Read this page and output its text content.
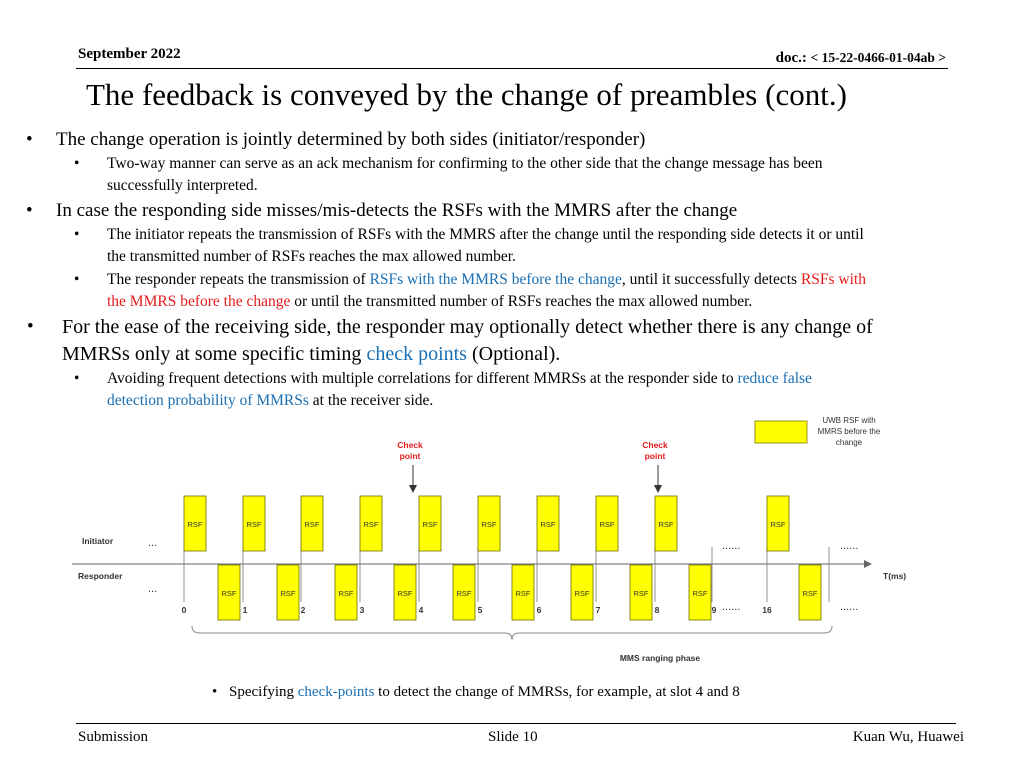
September 2022	doc.: < 15-22-0466-01-04ab >
The feedback is conveyed by the change of preambles (cont.)
• The change operation is jointly determined by both sides (initiator/responder)
• Two-way manner can serve as an ack mechanism for confirming to the other side that the change message has been
successfully interpreted.
• In case the responding side misses/mis-detects the RSFs with the MMRS after the change
• The initiator repeats the transmission of RSFs with the MMRS after the change until the responding side detects it or until
the transmitted number of RSFs reaches the max allowed number.
• The responder repeats the transmission of RSFs with the MMRS before the change, until it successfully detects RSFs with
the MMRS before the change or until the transmitted number of RSFs reaches the max allowed number.
• For the ease of the receiving side, the responder may optionally detect whether there is any change of
MMRSs only at some specific timing check points (Optional).
• Avoiding frequent detections with multiple correlations for different MMRSs at the responder side to reduce false
detection probability of MMRSs at the receiver side.
UWB RSF with
MMRS before the
change
Check
point
Check
point
Initiator
Responder
...
...
T(ms)
RSF	RSF	RSF	RSF	RSF	RSF	RSF	RSF	RSF	RSF
RSF	RSF	RSF	RSF	RSF	RSF	RSF	RSF	RSF	RSF
......	......
......	......
0	1	2	3	4	5	6	7	8	9	16
MMS ranging phase
• Specifying check-points to detect the change of MMRSs, for example, at slot 4 and 8
Submission	Slide 10	Kuan Wu, Huawei
